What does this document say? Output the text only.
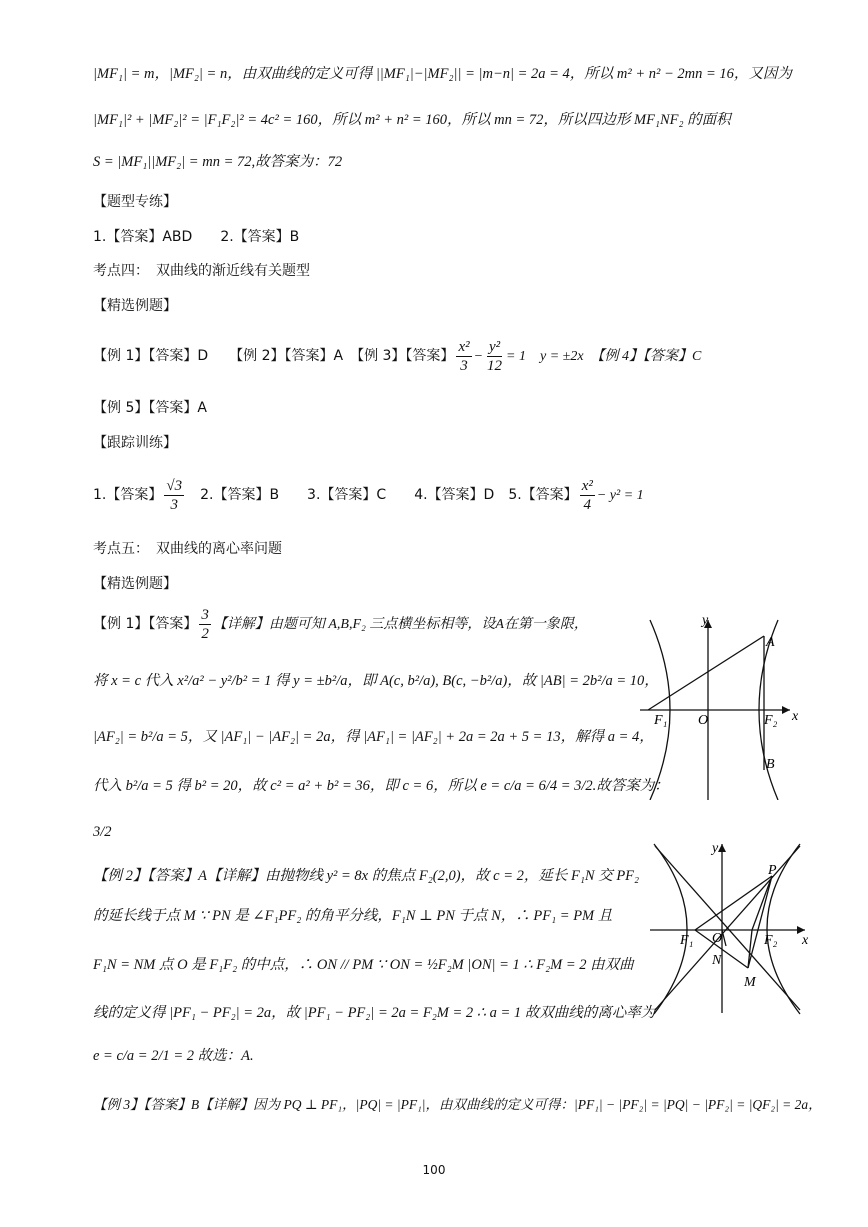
|MF₁| = m，|MF₂| = n，由双曲线的定义可得 ||MF₁|−|MF₂|| = |m−n| = 2a = 4，所以 m² + n² − 2mn = 16，又因为
|MF₁|² + |MF₂|² = |F₁F₂|² = 4c² = 160，所以 m² + n² = 160，所以 mn = 72，所以四边形 MF₁NF₂ 的面积
S = |MF₁||MF₂| = mn = 72,故答案为：72
【题型专练】
1.【答案】ABD　　2.【答案】B
考点四：　双曲线的渐近线有关题型
【精选例题】
【例 1】【答案】D　　【例 2】【答案】A　【例 3】【答案】 $\frac{\text{x²}}{3} - \frac{\text{y²}}{12} = 1$　y = ±2x　【例 4】【答案】C
【例 5】【答案】A
【跟踪训练】
1.【答案】 $\frac{√3}{3}$ 　2.【答案】B　　3.【答案】C　　4.【答案】D　5.【答案】 $\frac{\text{x²}}{4} - y^2 = 1$
考点五：　双曲线的离心率问题
【精选例题】
【例 1】【答案】 $\frac{3}{2}$ 【详解】由题可知 A,B,F₂ 三点横坐标相等，设A在第一象限，
将 x = c 代入 x²/a² − y²/b² = 1 得 y = ±b²/a，即 A(c, b²/a), B(c, −b²/a)，故 |AB| = 2b²/a = 10，
|AF₂| = b²/a = 5，又 |AF₁| − |AF₂| = 2a，得 |AF₁| = |AF₂| + 2a = 2a + 5 = 13，解得 a = 4，
代入 b²/a = 5 得 b² = 20，故 c² = a² + b² = 36，即 c = 6，所以 e = c/a = 6/4 = 3/2.故答案为：
3/2
【例 2】【答案】A【详解】由抛物线 y² = 8x 的焦点 F₂(2,0)，故 c = 2，延长 F₁N 交 PF₂
的延长线于点 M ∵ PN 是 ∠F₁PF₂ 的角平分线，F₁N ⊥ PN 于点 N，∴ PF₁ = PM 且
F₁N = NM 点 O 是 F₁F₂ 的中点，∴ ON // PM ∵ ON = ½F₂M |ON| = 1 ∴ F₂M = 2 由双曲
线的定义得 |PF₁ − PF₂| = 2a，故 |PF₁ − PF₂| = 2a = F₂M = 2 ∴ a = 1 故双曲线的离心率为
e = c/a = 2/1 = 2 故选：A.
【例 3】【答案】B【详解】因为 PQ ⊥ PF₁，|PQ| = |PF₁|，由双曲线的定义可得：|PF₁| − |PF₂| = |PQ| − |PF₂| = |QF₂| = 2a，
y
x
A
B
O
F₁	F₂
y
x
P
O
F₁	F₂
N
M
100
